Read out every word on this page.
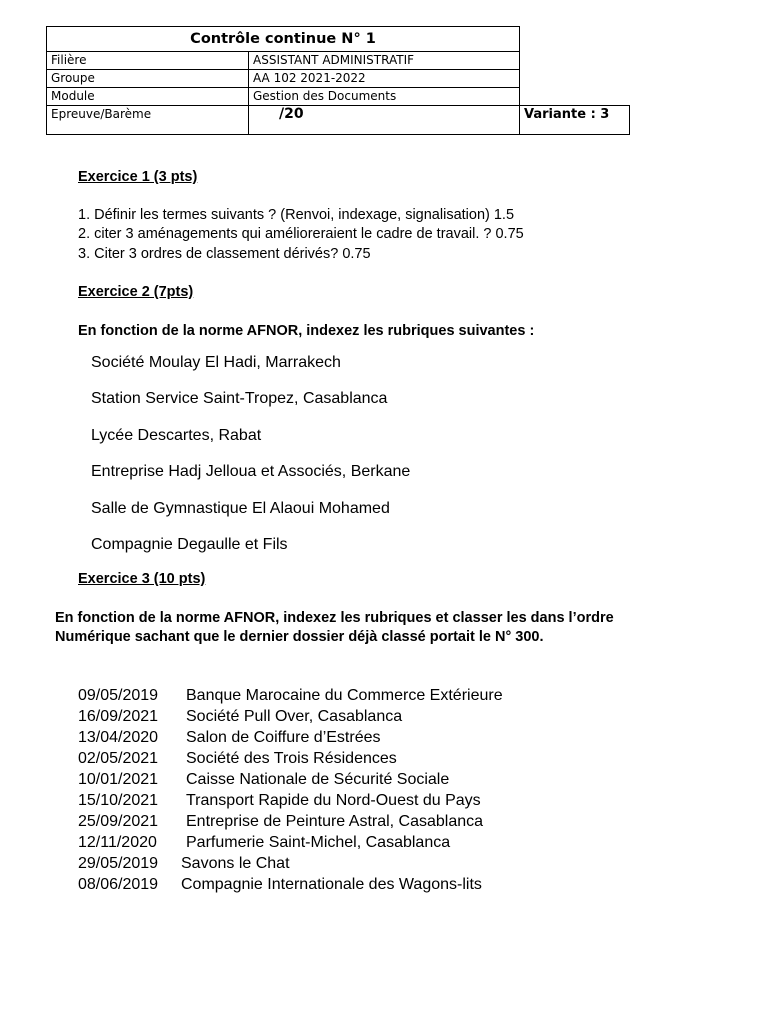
Contrôle continue N° 1		
Filière	ASSISTANT ADMINISTRATIF	
Groupe	AA 102 2021-2022	
Module	Gestion des Documents	
Epreuve/Barème	/20	Variante : 3
Exercice 1 (3 pts)
1. Définir les termes suivants ? (Renvoi, indexage, signalisation) 1.5
2. citer 3 aménagements qui amélioreraient le cadre de travail. ? 0.75
3. Citer 3 ordres de classement dérivés? 0.75
Exercice 2 (7pts)
En fonction de la norme AFNOR, indexez les rubriques suivantes :
Société Moulay El Hadi, Marrakech
Station Service Saint-Tropez, Casablanca
Lycée Descartes, Rabat
Entreprise Hadj Jelloua et Associés, Berkane
Salle de Gymnastique El Alaoui Mohamed
Compagnie Degaulle et Fils
Exercice 3 (10 pts)
En fonction de la norme AFNOR, indexez les rubriques et classer les dans l’ordre
Numérique sachant que le dernier dossier déjà classé portait le N° 300.
09/05/2019 Banque Marocaine du Commerce Extérieure
16/09/2021 Société Pull Over, Casablanca
13/04/2020 Salon de Coiffure d’Estrées
02/05/2021 Société des Trois Résidences
10/01/2021 Caisse Nationale de Sécurité Sociale
15/10/2021 Transport Rapide du Nord-Ouest du Pays
25/09/2021 Entreprise de Peinture Astral, Casablanca
12/11/2020 Parfumerie Saint-Michel, Casablanca
29/05/2019 Savons le Chat
08/06/2019 Compagnie Internationale des Wagons-lits
